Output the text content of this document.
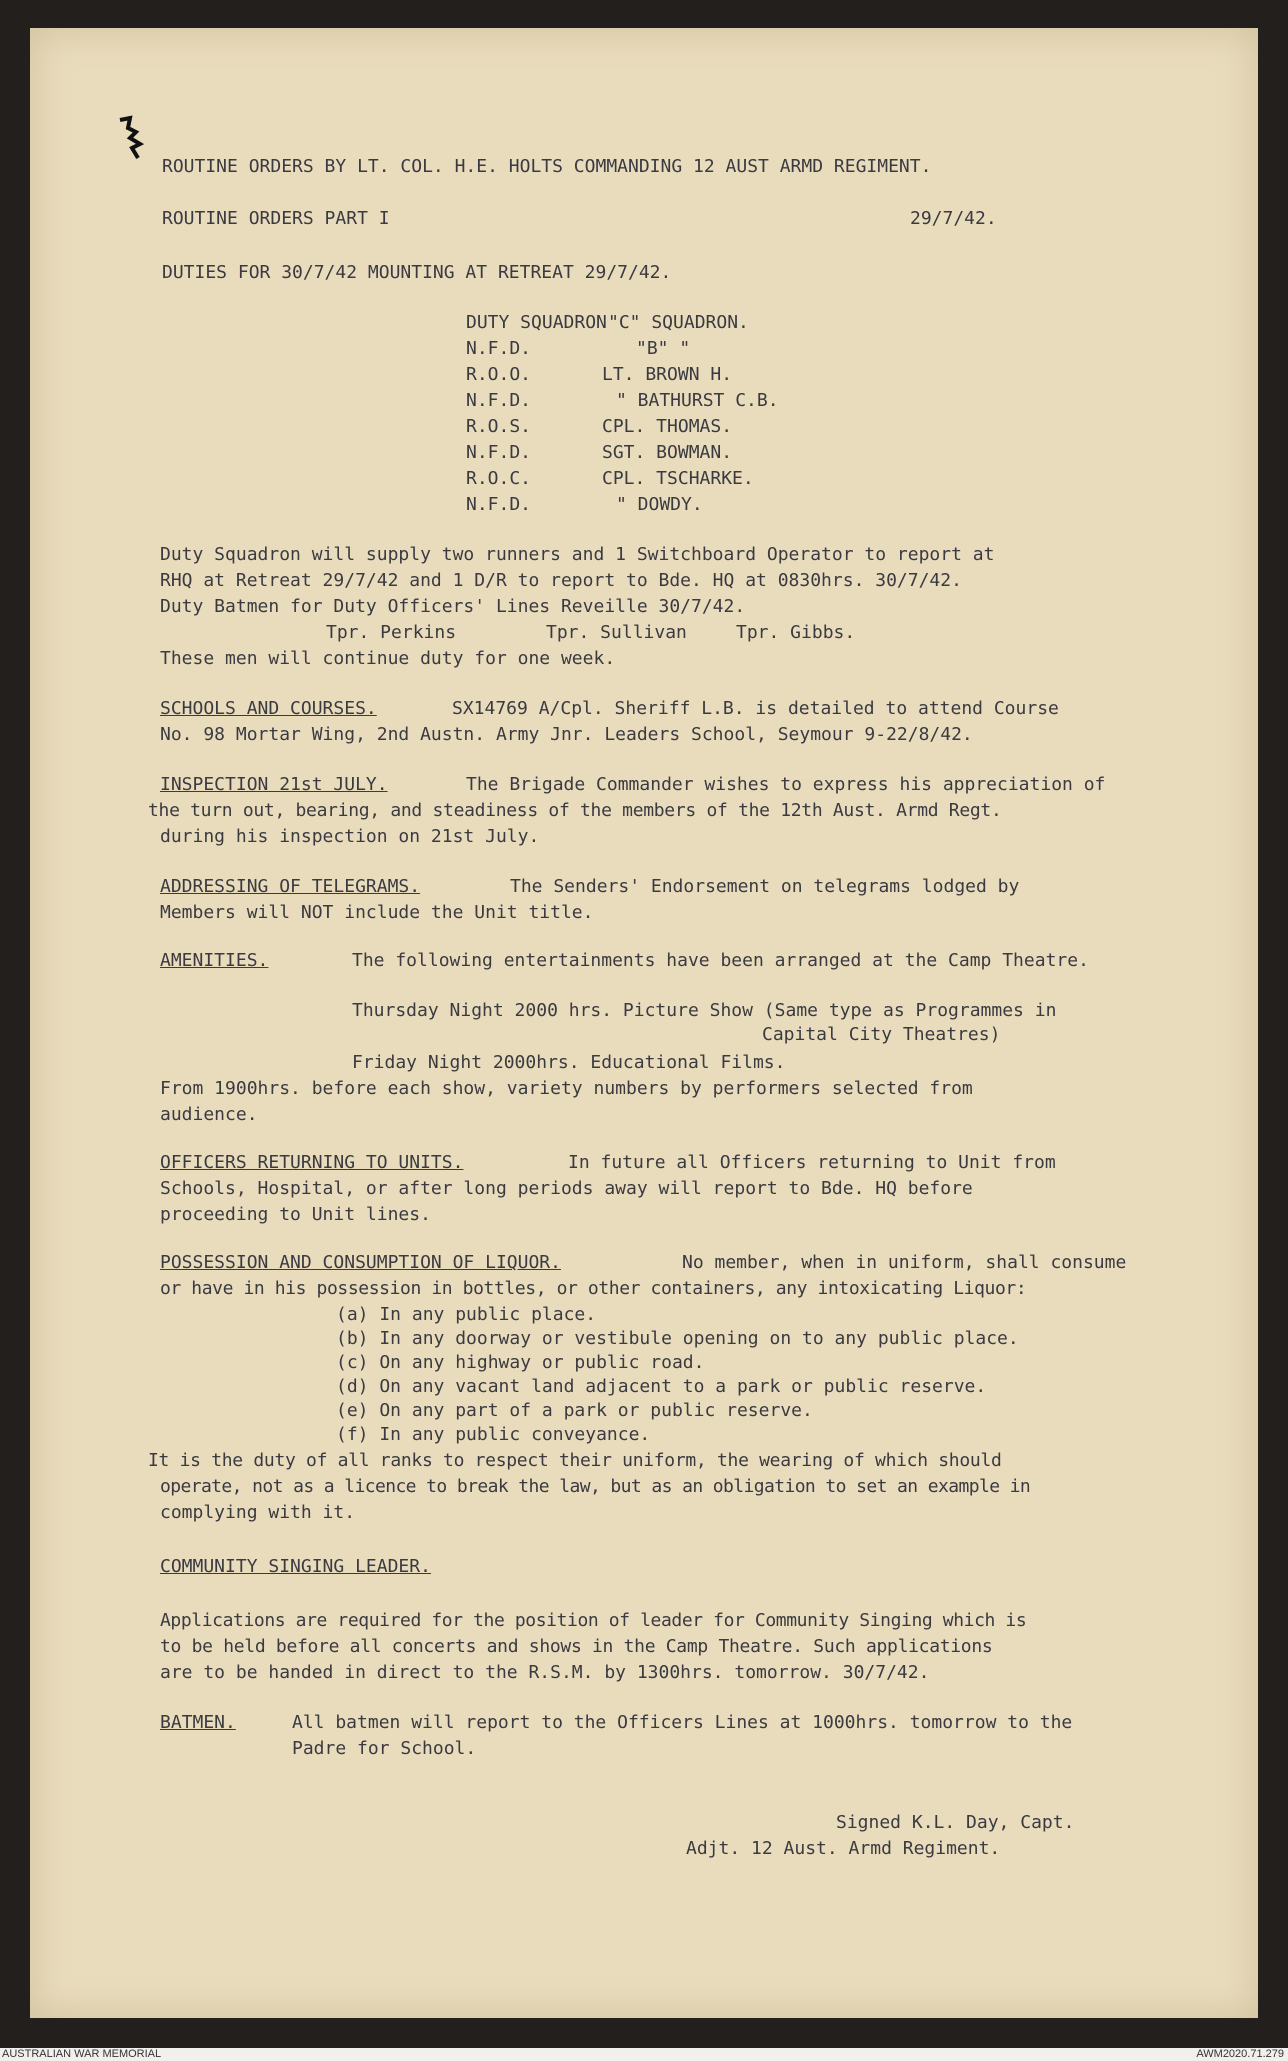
ROUTINE ORDERS BY LT. COL. H.E. HOLTS COMMANDING 12 AUST ARMD REGIMENT.
ROUTINE ORDERS PART I	29/7/42.
DUTIES FOR 30/7/42 MOUNTING AT RETREAT 29/7/42.
DUTY SQUADRON "C" SQUADRON.
N.F.D.	"B" "
R.O.O.	LT. BROWN H.
N.F.D.	" BATHURST C.B.
R.O.S.	CPL. THOMAS.
N.F.D.	SGT. BOWMAN.
R.O.C.	CPL. TSCHARKE.
N.F.D.	" DOWDY.
Duty Squadron will supply two runners and 1 Switchboard Operator to report at
RHQ at Retreat 29/7/42 and 1 D/R to report to Bde. HQ at 0830hrs. 30/7/42.
Duty Batmen for Duty Officers' Lines Reveille 30/7/42.
Tpr. Perkins	Tpr. Sullivan	Tpr. Gibbs.
These men will continue duty for one week.
SCHOOLS AND COURSES.	SX14769 A/Cpl. Sheriff L.B. is detailed to attend Course
No. 98 Mortar Wing, 2nd Austn. Army Jnr. Leaders School, Seymour 9-22/8/42.
INSPECTION 21st JULY.	The Brigade Commander wishes to express his appreciation of
the turn out, bearing, and steadiness of the members of the 12th Aust. Armd Regt.
during his inspection on 21st July.
ADDRESSING OF TELEGRAMS.	The Senders' Endorsement on telegrams lodged by
Members will NOT include the Unit title.
AMENITIES.	The following entertainments have been arranged at the Camp Theatre.
Thursday Night 2000 hrs. Picture Show (Same type as Programmes in
Capital City Theatres)
Friday Night 2000hrs. Educational Films.
From 1900hrs. before each show, variety numbers by performers selected from
audience.
OFFICERS RETURNING TO UNITS.	In future all Officers returning to Unit from
Schools, Hospital, or after long periods away will report to Bde. HQ before
proceeding to Unit lines.
POSSESSION AND CONSUMPTION OF LIQUOR.	No member, when in uniform, shall consume
or have in his possession in bottles, or other containers, any intoxicating Liquor:
(a) In any public place.
(b) In any doorway or vestibule opening on to any public place.
(c) On any highway or public road.
(d) On any vacant land adjacent to a park or public reserve.
(e) On any part of a park or public reserve.
(f) In any public conveyance.
It is the duty of all ranks to respect their uniform, the wearing of which should
operate, not as a licence to break the law, but as an obligation to set an example in
complying with it.
COMMUNITY SINGING LEADER.
Applications are required for the position of leader for Community Singing which is
to be held before all concerts and shows in the Camp Theatre. Such applications
are to be handed in direct to the R.S.M. by 1300hrs. tomorrow. 30/7/42.
BATMEN.	All batmen will report to the Officers Lines at 1000hrs. tomorrow to the
Padre for School.
Signed K.L. Day, Capt.
Adjt. 12 Aust. Armd Regiment.
AUSTRALIAN WAR MEMORIAL	AWM2020.71.279
